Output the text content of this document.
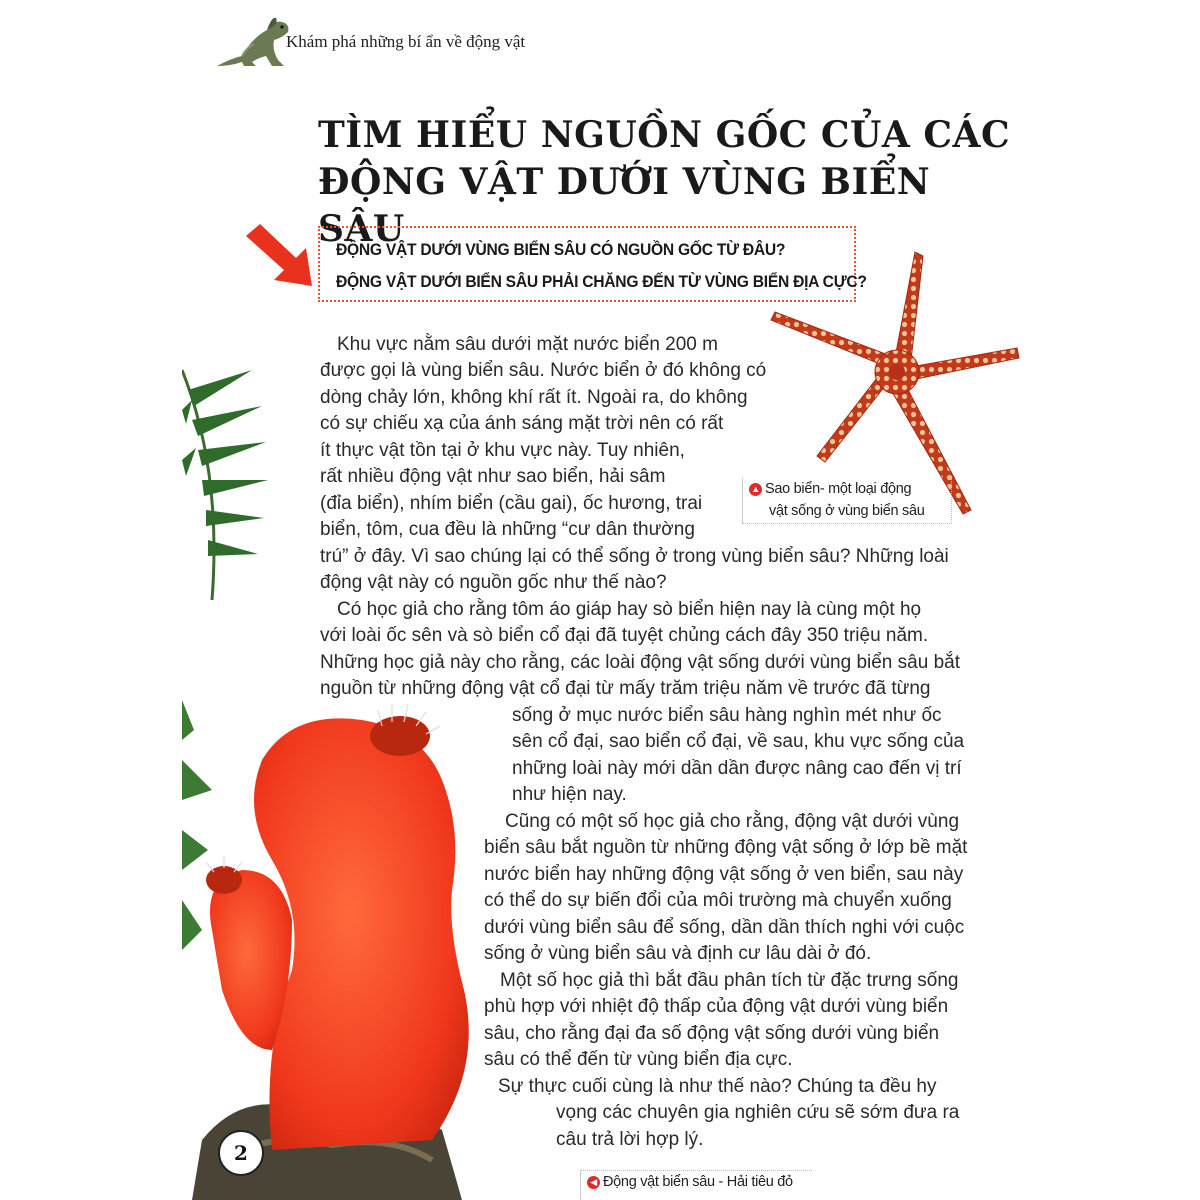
Khám phá những bí ẩn về động vật
TÌM HIỂU NGUỒN GỐC CỦA CÁC
ĐỘNG VẬT DƯỚI VÙNG BIỂN SÂU
ĐỘNG VẬT DƯỚI VÙNG BIỂN SÂU CÓ NGUỒN GỐC TỪ ĐÂU?
ĐỘNG VẬT DƯỚI BIỂN SÂU PHẢI CHĂNG ĐẾN TỪ VÙNG BIỂN ĐỊA CỰC?
▲ Sao biển- một loại động
vật sống ở vùng biển sâu
Khu vực nằm sâu dưới mặt nước biển 200 m
được gọi là vùng biển sâu. Nước biển ở đó không có
dòng chảy lớn, không khí rất ít. Ngoài ra, do không
có sự chiếu xạ của ánh sáng mặt trời nên có rất
ít thực vật tồn tại ở khu vực này. Tuy nhiên,
rất nhiều động vật như sao biển, hải sâm
(đỉa biển), nhím biển (cầu gai), ốc hương, trai
biển, tôm, cua đều là những “cư dân thường
trú” ở đây. Vì sao chúng lại có thể sống ở trong vùng biển sâu? Những loài
động vật này có nguồn gốc như thế nào?
Có học giả cho rằng tôm áo giáp hay sò biển hiện nay là cùng một họ
với loài ốc sên và sò biển cổ đại đã tuyệt chủng cách đây 350 triệu năm.
Những học giả này cho rằng, các loài động vật sống dưới vùng biển sâu bắt
nguồn từ những động vật cổ đại từ mấy trăm triệu năm về trước đã từng
sống ở mục nước biển sâu hàng nghìn mét như ốc
sên cổ đại, sao biển cổ đại, về sau, khu vực sống của
những loài này mới dần dần được nâng cao đến vị trí
như hiện nay.
Cũng có một số học giả cho rằng, động vật dưới vùng
biển sâu bắt nguồn từ những động vật sống ở lớp bề mặt
nước biển hay những động vật sống ở ven biển, sau này
có thể do sự biến đổi của môi trường mà chuyển xuống
dưới vùng biển sâu để sống, dần dần thích nghi với cuộc
sống ở vùng biển sâu và định cư lâu dài ở đó.
Một số học giả thì bắt đầu phân tích từ đặc trưng sống
phù hợp với nhiệt độ thấp của động vật dưới vùng biển
sâu, cho rằng đại đa số động vật sống dưới vùng biển
sâu có thể đến từ vùng biển địa cực.
Sự thực cuối cùng là như thế nào? Chúng ta đều hy
vọng các chuyên gia nghiên cứu sẽ sớm đưa ra
câu trả lời hợp lý.
◀ Động vật biển sâu - Hải tiêu đỏ
2
